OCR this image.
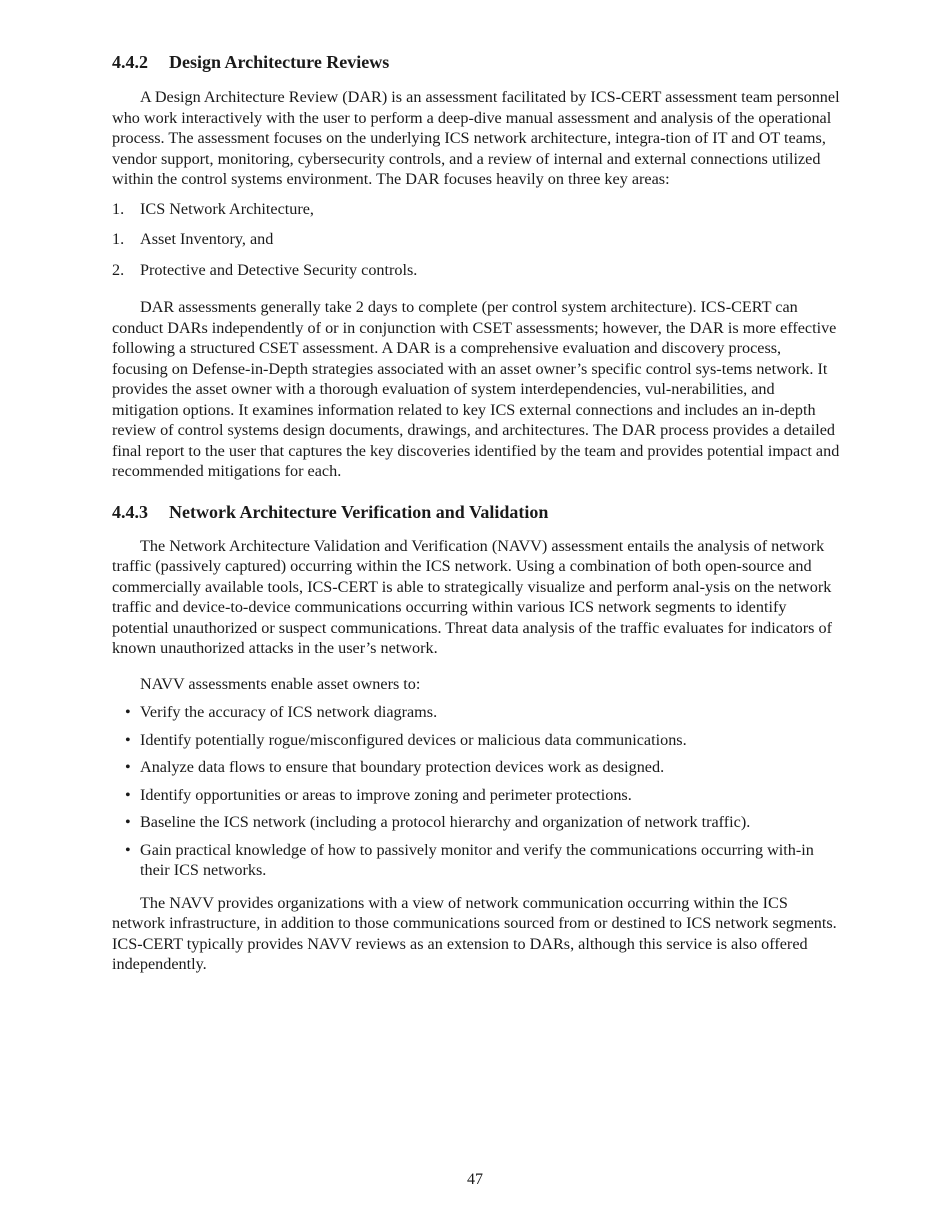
4.4.2 Design Architecture Reviews

A Design Architecture Review (DAR) is an assessment facilitated by ICS-CERT assessment team personnel who work interactively with the user to perform a deep-dive manual assessment and analysis of the operational process. The assessment focuses on the underlying ICS network architecture, integra-tion of IT and OT teams, vendor support, monitoring, cybersecurity controls, and a review of internal and external connections utilized within the control systems environment. The DAR focuses heavily on three key areas:

1. ICS Network Architecture,
1. Asset Inventory, and
2. Protective and Detective Security controls.

DAR assessments generally take 2 days to complete (per control system architecture). ICS-CERT can conduct DARs independently of or in conjunction with CSET assessments; however, the DAR is more effective following a structured CSET assessment. A DAR is a comprehensive evaluation and discovery process, focusing on Defense-in-Depth strategies associated with an asset owner’s specific control sys-tems network. It provides the asset owner with a thorough evaluation of system interdependencies, vul-nerabilities, and mitigation options. It examines information related to key ICS external connections and includes an in-depth review of control systems design documents, drawings, and architectures. The DAR process provides a detailed final report to the user that captures the key discoveries identified by the team and provides potential impact and recommended mitigations for each.

4.4.3 Network Architecture Verification and Validation

The Network Architecture Validation and Verification (NAVV) assessment entails the analysis of network traffic (passively captured) occurring within the ICS network. Using a combination of both open-source and commercially available tools, ICS-CERT is able to strategically visualize and perform anal-ysis on the network traffic and device-to-device communications occurring within various ICS network segments to identify potential unauthorized or suspect communications. Threat data analysis of the traffic evaluates for indicators of known unauthorized attacks in the user’s network.

NAVV assessments enable asset owners to:

• Verify the accuracy of ICS network diagrams.
• Identify potentially rogue/misconfigured devices or malicious data communications.
• Analyze data flows to ensure that boundary protection devices work as designed.
• Identify opportunities or areas to improve zoning and perimeter protections.
• Baseline the ICS network (including a protocol hierarchy and organization of network traffic).
• Gain practical knowledge of how to passively monitor and verify the communications occurring with-in their ICS networks.

The NAVV provides organizations with a view of network communication occurring within the ICS network infrastructure, in addition to those communications sourced from or destined to ICS network segments. ICS-CERT typically provides NAVV reviews as an extension to DARs, although this service is also offered independently.

47
